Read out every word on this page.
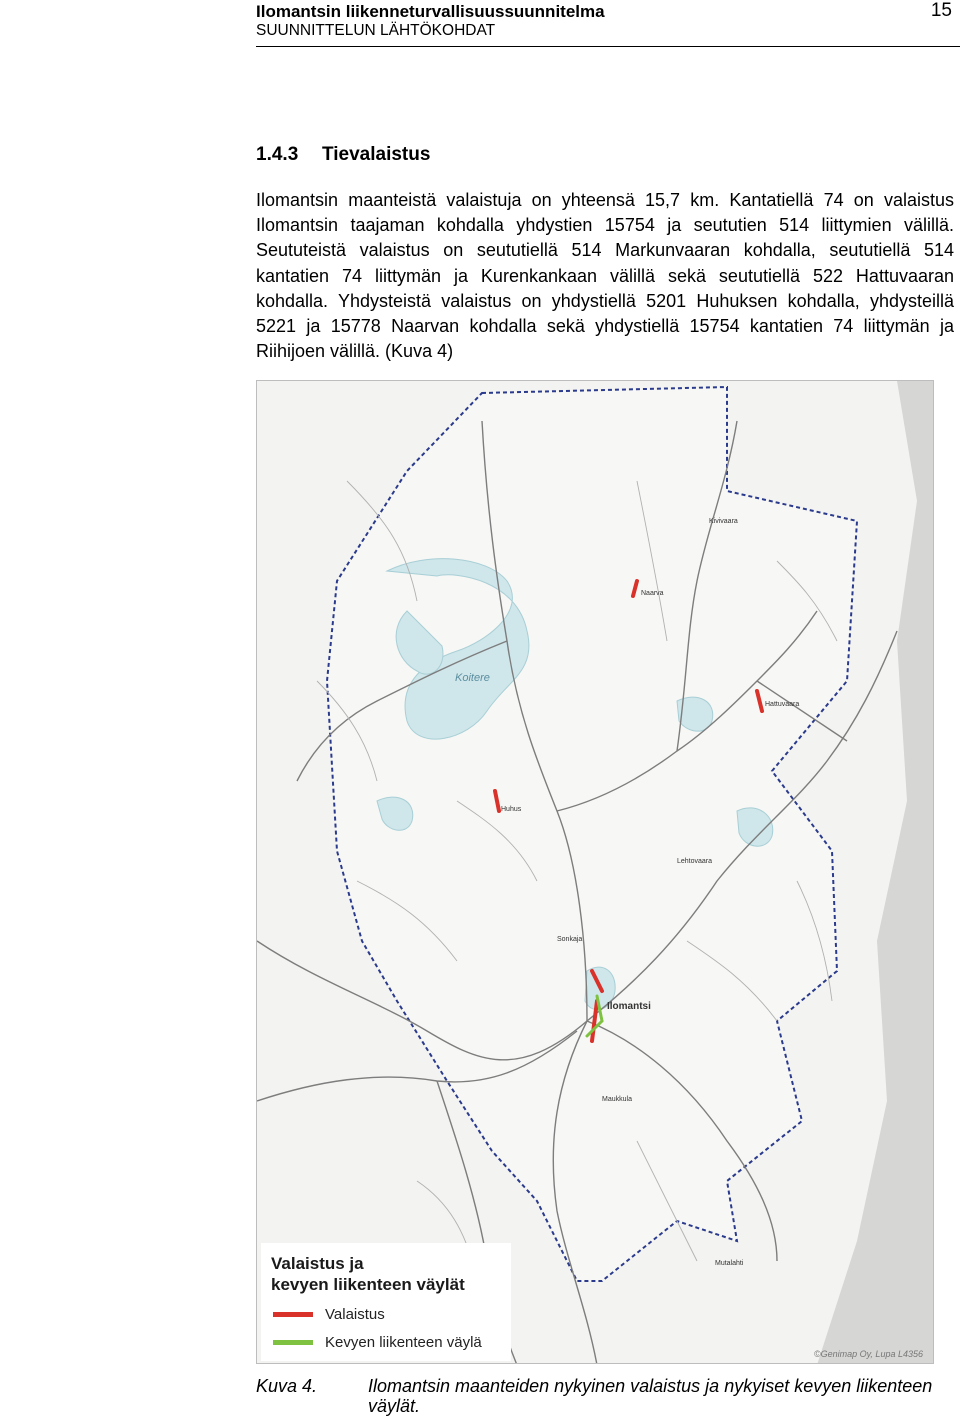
Ilomantsin liikenneturvallisuussuunnitelma
SUUNNITTELUN LÄHTÖKOHDAT
15
1.4.3 Tievalaistus
Ilomantsin maanteistä valaistuja on yhteensä 15,7 km. Kantatiellä 74 on valaistus Ilomantsin taajaman kohdalla yhdystien 15754 ja seututien 514 liittymien välillä. Seututeistä valaistus on seututiellä 514 Markunvaaran kohdalla, seututiellä 514 kantatien 74 liittymän ja Kurenkankaan välillä sekä seututiellä 522 Hattuvaaran kohdalla. Yhdysteistä valaistus on yhdystiellä 5201 Huhuksen kohdalla, yhdysteillä 5221 ja 15778 Naarvan kohdalla sekä yhdystiellä 15754 kantatien 74 liittymän ja Riihijoen välillä. (Kuva 4)
Koitere
Naarva
Hattuvaara
Huhus
Ilomantsi
Sonkaja
Mutalahti
Lehtovaara
Kivivaara
Maukkula
Valaistus ja
kevyen liikenteen väylät
Valaistus
Kevyen liikenteen väylä
©Genimap Oy, Lupa L4356
Kuva 4.	Ilomantsin maanteiden nykyinen valaistus ja nykyiset kevyen liikenteen väylät.
